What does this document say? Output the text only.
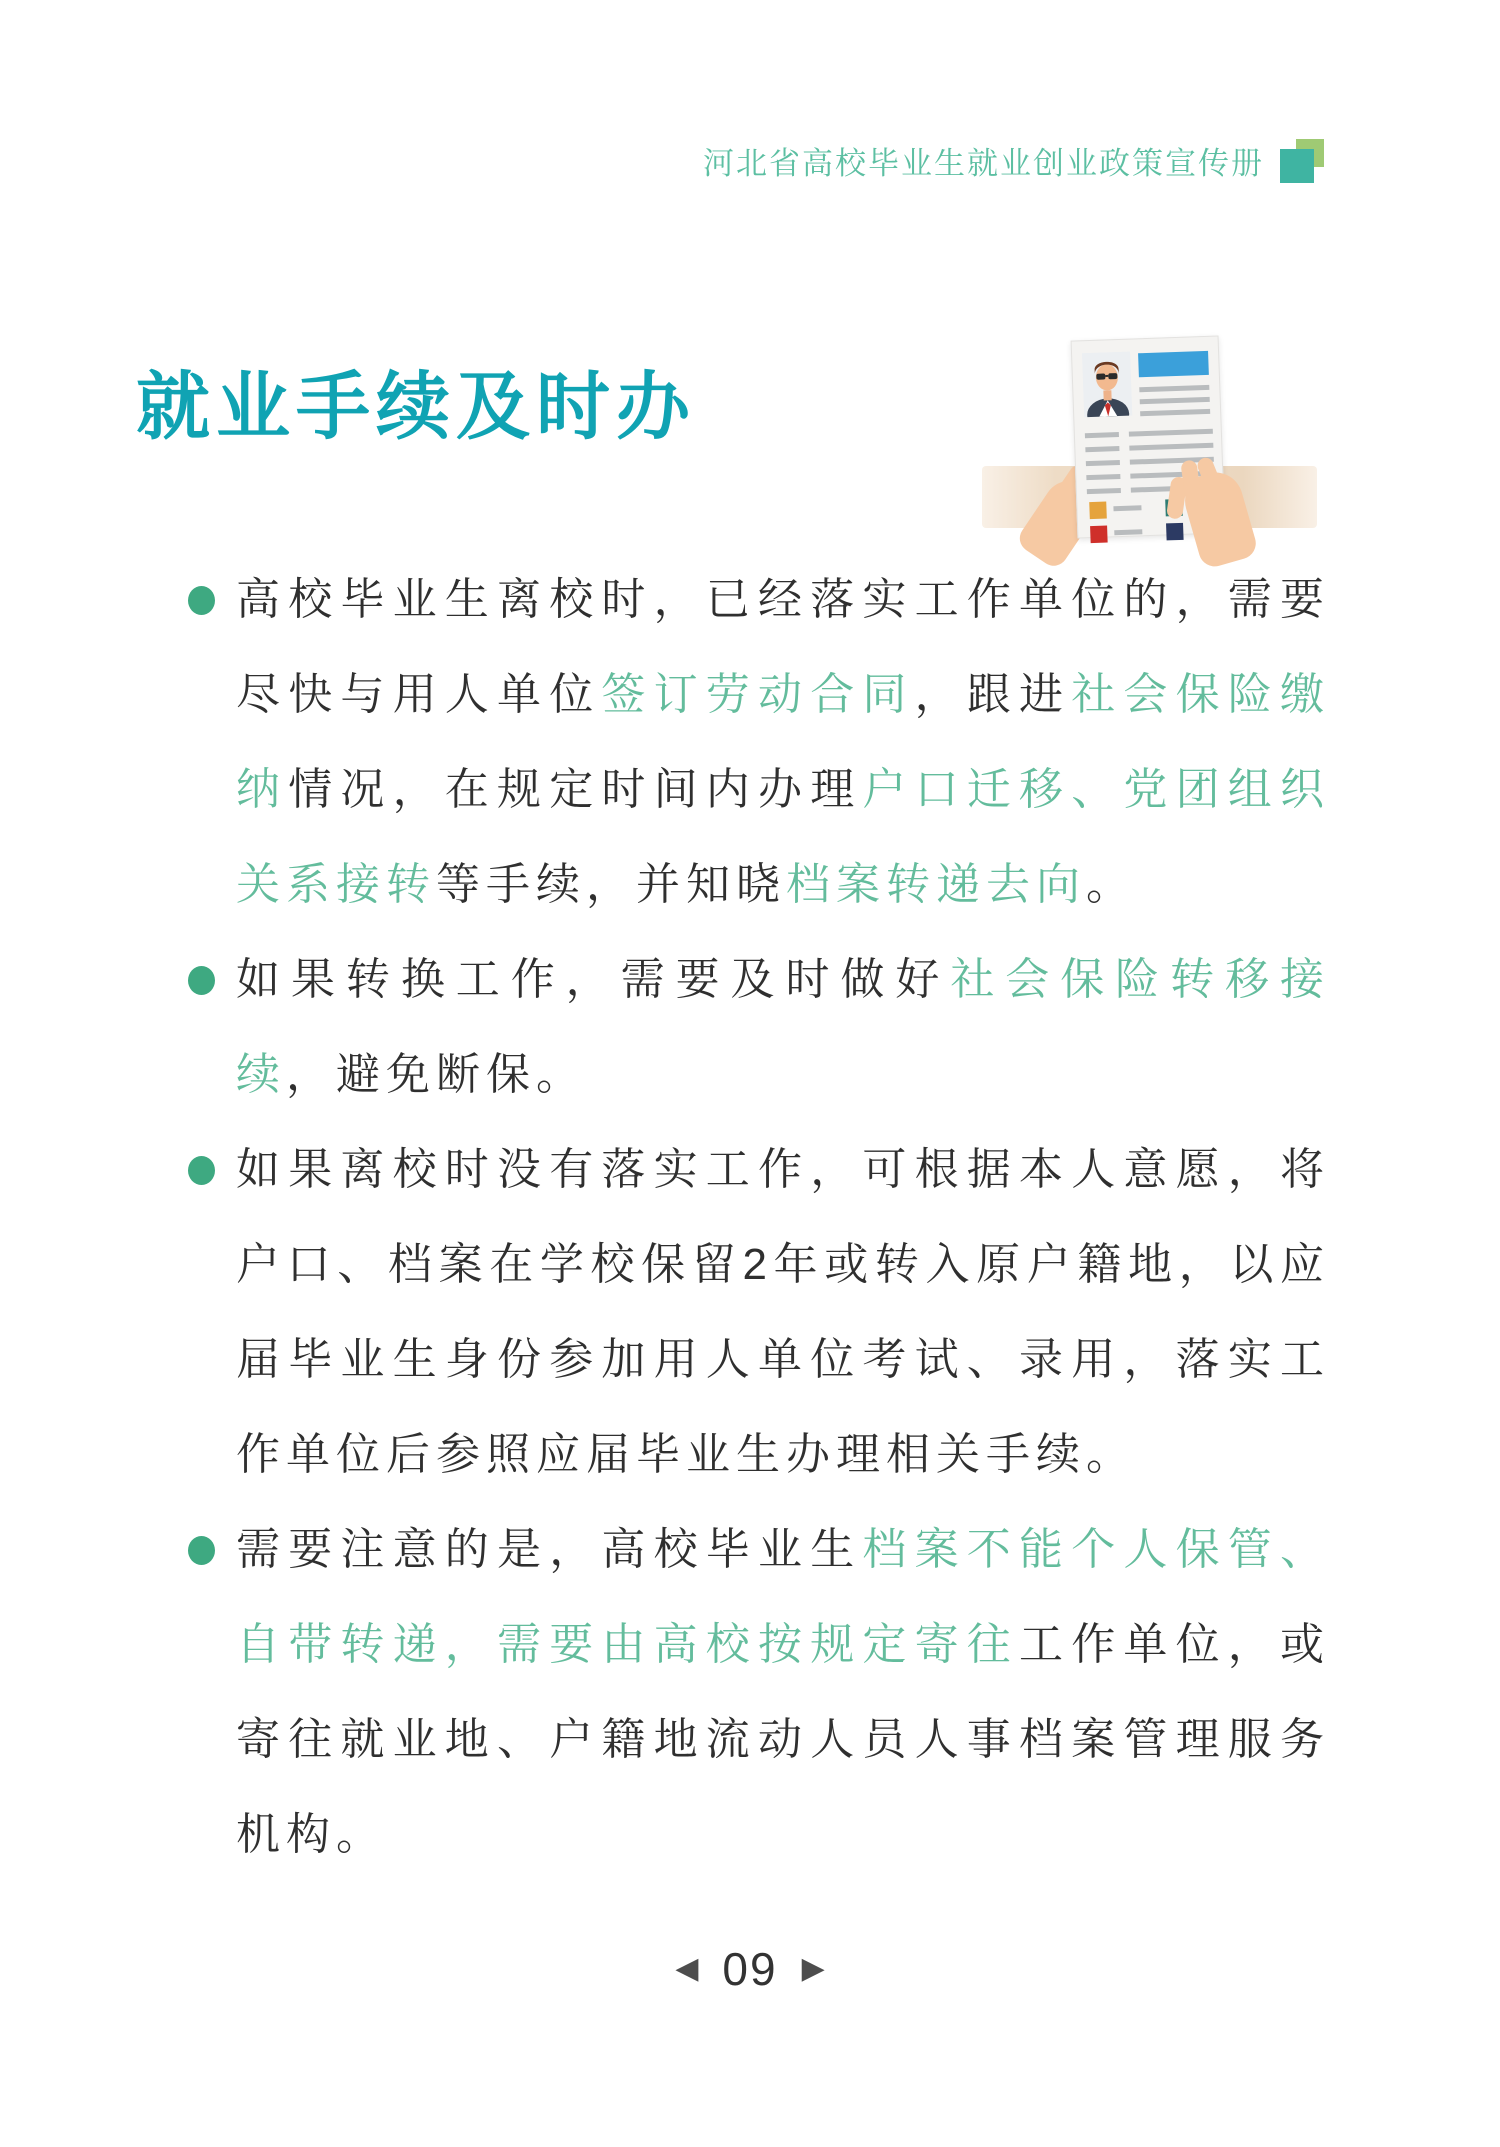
河北省高校毕业生就业创业政策宣传册
就业手续及时办
高校毕业生离校时，已经落实工作单位的，需要尽快与用人单位签订劳动合同，跟进社会保险缴纳情况，在规定时间内办理户口迁移、党团组织关系接转等手续，并知晓档案转递去向。
如果转换工作，需要及时做好社会保险转移接续，避免断保。
如果离校时没有落实工作，可根据本人意愿，将户口、档案在学校保留2年或转入原户籍地，以应届毕业生身份参加用人单位考试、录用，落实工作单位后参照应届毕业生办理相关手续。
需要注意的是，高校毕业生档案不能个人保管、自带转递，需要由高校按规定寄往工作单位，或寄往就业地、户籍地流动人员人事档案管理服务机构。
◀ 09 ▶
